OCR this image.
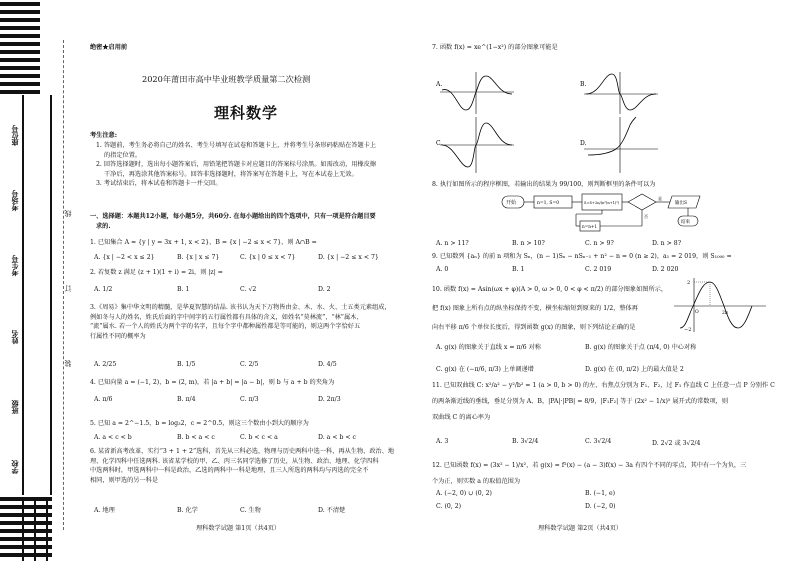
座位号
考场号
考生号
姓名
班级
学校
线
订
装
绝密★启用前
2020年莆田市高中毕业班教学质量第二次检测
理科数学
考生注意:
1. 答题前，考生务必将自己的姓名、考生号填写在试卷和答题卡上，并将考生号条形码粘贴在答题卡上
的指定位置。
2. 回答选择题时，选出每小题答案后，用铅笔把答题卡对应题目的答案标号涂黑。如需改动，用橡皮擦
干净后，再选涂其他答案标号。回答非选择题时，将答案写在答题卡上，写在本试卷上无效。
3. 考试结束后，将本试卷和答题卡一并交回。
一、选择题：本题共12小题，每小题5分，共60分. 在每小题给出的四个选项中，只有一项是符合题目要
求的.
1. 已知集合 A = {y | y = 3x + 1, x < 2}，B = {x | −2 ≤ x < 7}，则 A∩B =
A. {x | −2 < x ≤ 2}	B. {x | x ≤ 7}	C. {x | 0 ≤ x < 7}	D. {x | −2 ≤ x < 7}
2. 若复数 z 满足 (z + 1)(1 + i) = 2i，则 |z| =
A. 1/2	B. 1	C. √2	D. 2
3.《周易》集中华文明的精髓，是华夏智慧的结晶. 该书认为天下万物皆由金、木、水、火、土五类元素组成，
例如冬与人的姓名，姓氏后面的字中间字的五行属性都有具体的含义，如姓名“莫林流”，“林”属木、
“流”属水. 若一个人的姓氏为两个字的名字，且每个字中都种属性都是等可能的，则这两个字恰好五
行属性不同的概率为
A. 2/25	B. 1/5	C. 2/5	D. 4/5
4. 已知向量 a = (−1, 2)，b = (2, m)，若 |a + b| = |a − b|，则 b 与 a + b 的夹角为
A. π/6	B. π/4	C. π/3	D. 2π/3
5. 已知 a = 2^−1.5，b = log₃2，c = 2^0.5，则这三个数由小到大的顺序为
A. a < c < b	B. b < a < c	C. b < c < a	D. a < b < c
6. 某省新高考改革，实行“3 + 1 + 2”选科，首先从三科必选，物理与历史两科中选一科，再从生物、政治、地
理、化学四科中任选两科. 该省某学校的甲、乙、丙三名同学选修了历史，从生物、政治、地理、化学四科
中选两科时，甲选两科中一科是政治，乙选的两科中一科是地理，且三人所选的两科均与丙选的完全不
相同，则甲选的另一科是
A. 地理	B. 化学	C. 生物	D. 不清楚
理科数学试题 第1页（共4页）
7. 函数 f(x) = xe^(1−x²) 的部分图象可能是
A.	B.
C.	D.
8. 执行如图所示的程序框图，若输出的结果为 99/100，则判断框里的条件可以为
开始	n=1, S=0	S=S+2n/(n²(n+1)²)
是
输出S
结束
否
n=n+1
A. n > 11?	B. n > 10?	C. n > 9?	D. n > 8?
9. 已知数列 {aₙ} 的前 n 项和为 Sₙ，(n − 1)Sₙ − nSₙ₋₁ + n² − n = 0 (n ≥ 2)，a₁ = 2 019，则 S₁₀₀₀ =
A. 0	B. 1	C. 2 019	D. 2 020
10. 函数 f(x) = Asin(ωx + φ)(A > 0, ω > 0, 0 < φ < π/2) 的部分图象如图所示，
把 f(x) 图象上所有点的纵坐标保持不变，横坐标缩短到原来的 1/2，整体再
向右平移 π/6 个单位长度后，得到函数 g(x) 的图象，则下列结论正确的是
2
−2
2π
O
A. g(x) 的图象关于直线 x = π/6 对称	B. g(x) 的图象关于点 (π/4, 0) 中心对称
C. g(x) 在 (−π/6, π/3) 上单调递增	D. g(x) 在 (0, π/2) 上的最大值是 2
11. 已知双曲线 C: x²/a² − y²/b² = 1 (a > 0, b > 0) 的左、右焦点分别为 F₁、F₂，过 F₁ 作直线 C 上任意一点 P 分别作 C
的两条渐近线的垂线，垂足分别为 A、B，|PA|·|PB| = 8/9，|F₁F₂| 等于 (2x² − 1/x)⁵ 展开式的常数项，则
双曲线 C 的离心率为
A. 3	B. 3√2/4	C. 3√2/4	D. 2√2 或 3√2/4
12. 已知函数 f(x) = (3x² − 1)/x²，若 g(x) = f²(x) − (a − 3)f(x) − 3a 有四个不同的零点，其中有一个为负，三
个为正，则实数 a 的取值范围为
A. (−2, 0) ∪ (0, 2)	B. (−1, e)
C. (0, 2)	D. (−2, 0)
理科数学试题 第2页（共4页）
